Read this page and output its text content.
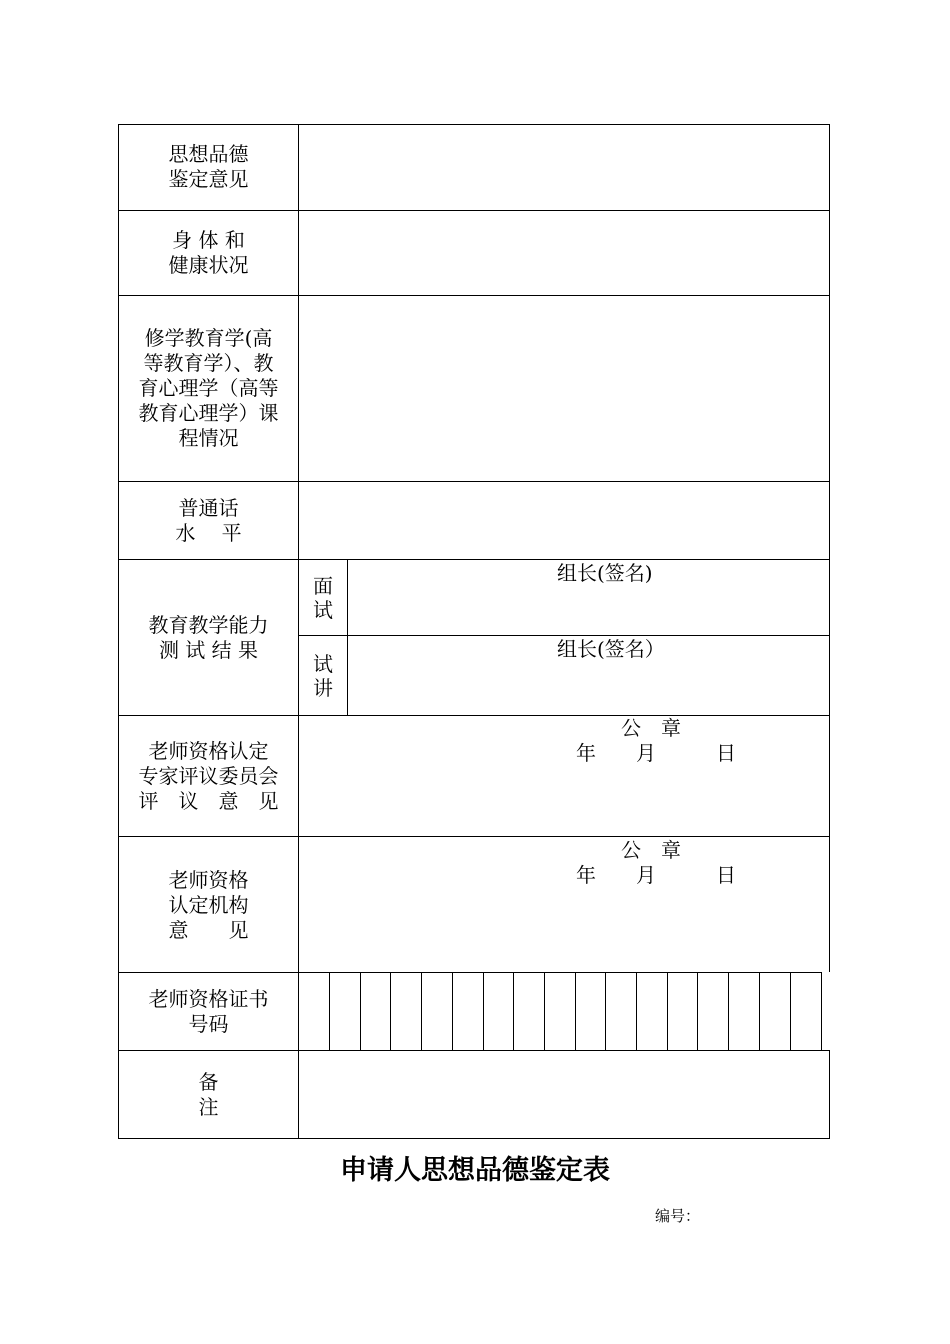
思想品德
鉴定意见
身 体 和
健康状况
修学教育学(高
等教育学）、教
育心理学（高等
教育心理学）课
程情况
普通话
水　 平
教育教学能力
测 试 结 果
老师资格认定
专家评议委员会
评　议　意　见
老师资格
认定机构
意　　见
老师资格证书
号码
备
注
面
试
试
讲
组长(签名)
组长(签名）
公　章
年　　月　　　日
公　章
年　　月　　　日
申请人思想品德鉴定表
编号：
